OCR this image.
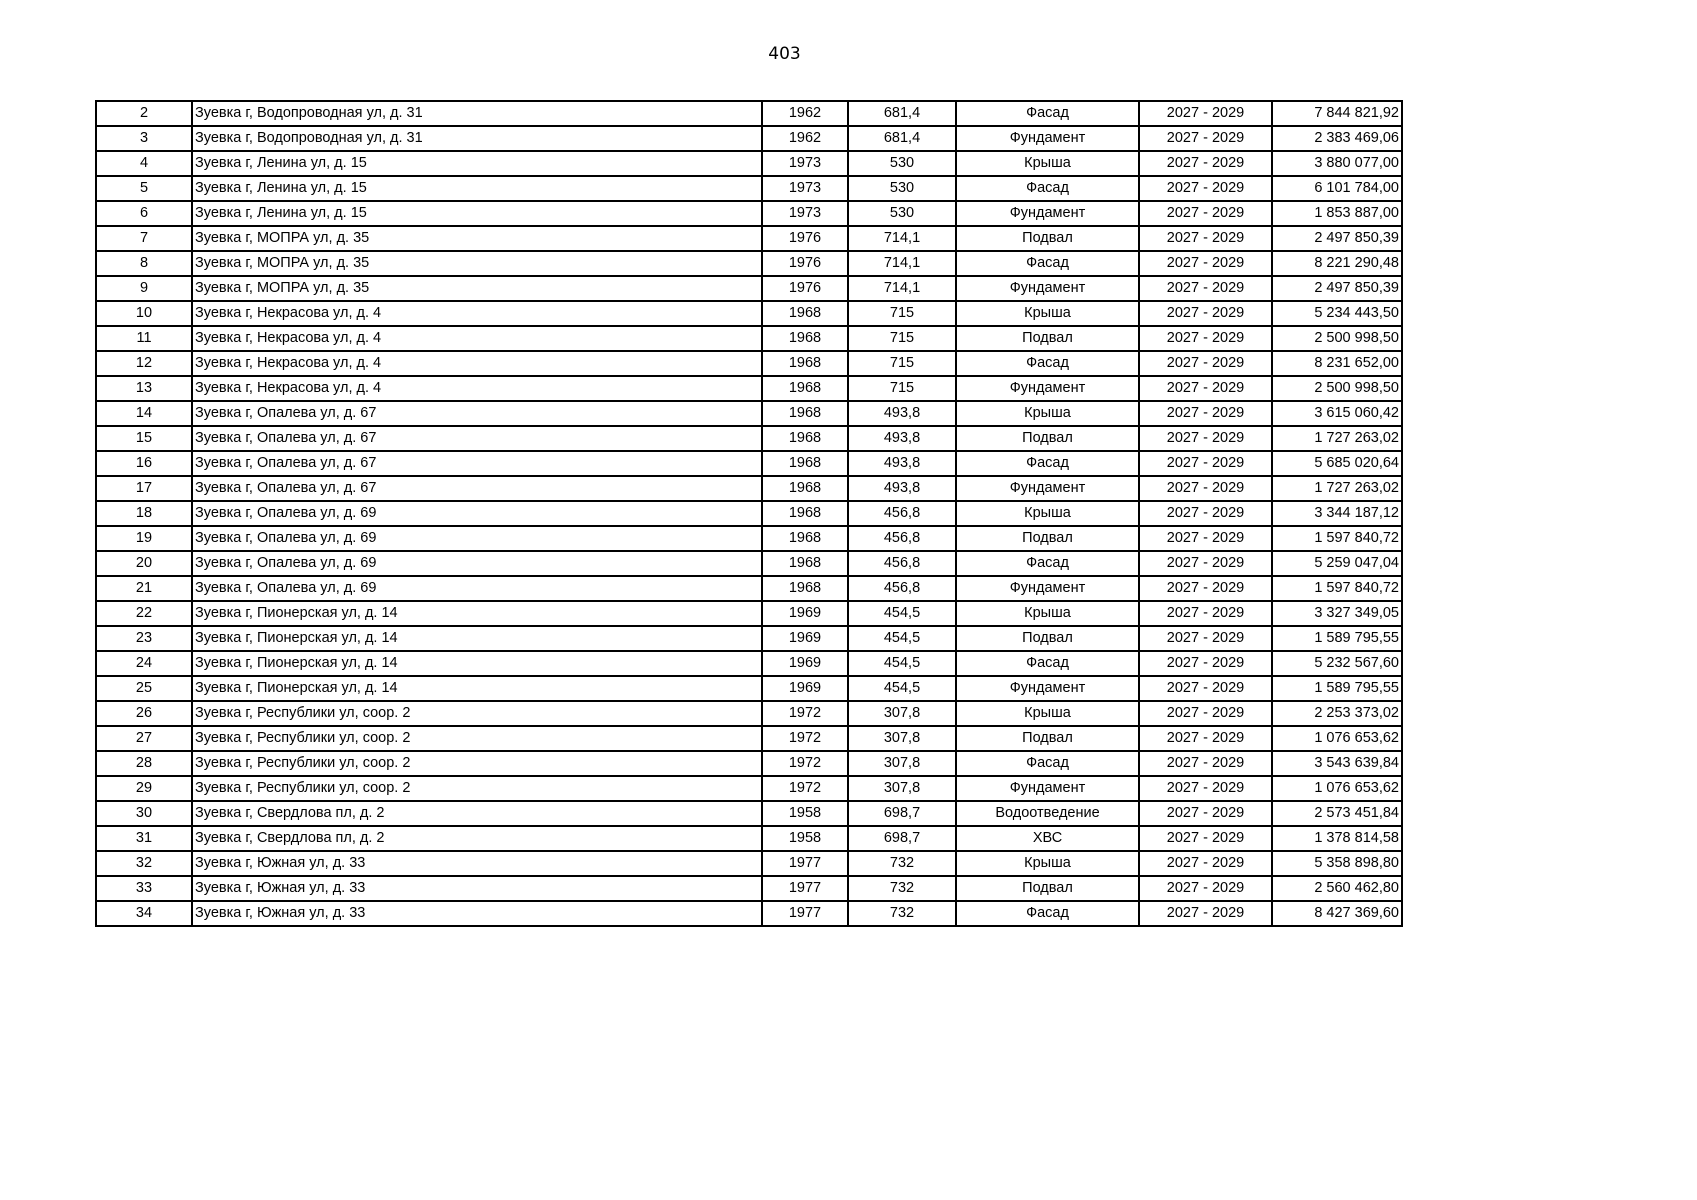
403
2	Зуевка г, Водопроводная ул, д. 31	1962	681,4	Фасад	2027 - 2029	7 844 821,92
3	Зуевка г, Водопроводная ул, д. 31	1962	681,4	Фундамент	2027 - 2029	2 383 469,06
4	Зуевка г, Ленина ул, д. 15	1973	530	Крыша	2027 - 2029	3 880 077,00
5	Зуевка г, Ленина ул, д. 15	1973	530	Фасад	2027 - 2029	6 101 784,00
6	Зуевка г, Ленина ул, д. 15	1973	530	Фундамент	2027 - 2029	1 853 887,00
7	Зуевка г, МОПРА ул, д. 35	1976	714,1	Подвал	2027 - 2029	2 497 850,39
8	Зуевка г, МОПРА ул, д. 35	1976	714,1	Фасад	2027 - 2029	8 221 290,48
9	Зуевка г, МОПРА ул, д. 35	1976	714,1	Фундамент	2027 - 2029	2 497 850,39
10	Зуевка г, Некрасова ул, д. 4	1968	715	Крыша	2027 - 2029	5 234 443,50
11	Зуевка г, Некрасова ул, д. 4	1968	715	Подвал	2027 - 2029	2 500 998,50
12	Зуевка г, Некрасова ул, д. 4	1968	715	Фасад	2027 - 2029	8 231 652,00
13	Зуевка г, Некрасова ул, д. 4	1968	715	Фундамент	2027 - 2029	2 500 998,50
14	Зуевка г, Опалева ул, д. 67	1968	493,8	Крыша	2027 - 2029	3 615 060,42
15	Зуевка г, Опалева ул, д. 67	1968	493,8	Подвал	2027 - 2029	1 727 263,02
16	Зуевка г, Опалева ул, д. 67	1968	493,8	Фасад	2027 - 2029	5 685 020,64
17	Зуевка г, Опалева ул, д. 67	1968	493,8	Фундамент	2027 - 2029	1 727 263,02
18	Зуевка г, Опалева ул, д. 69	1968	456,8	Крыша	2027 - 2029	3 344 187,12
19	Зуевка г, Опалева ул, д. 69	1968	456,8	Подвал	2027 - 2029	1 597 840,72
20	Зуевка г, Опалева ул, д. 69	1968	456,8	Фасад	2027 - 2029	5 259 047,04
21	Зуевка г, Опалева ул, д. 69	1968	456,8	Фундамент	2027 - 2029	1 597 840,72
22	Зуевка г, Пионерская ул, д. 14	1969	454,5	Крыша	2027 - 2029	3 327 349,05
23	Зуевка г, Пионерская ул, д. 14	1969	454,5	Подвал	2027 - 2029	1 589 795,55
24	Зуевка г, Пионерская ул, д. 14	1969	454,5	Фасад	2027 - 2029	5 232 567,60
25	Зуевка г, Пионерская ул, д. 14	1969	454,5	Фундамент	2027 - 2029	1 589 795,55
26	Зуевка г, Республики ул, соор. 2	1972	307,8	Крыша	2027 - 2029	2 253 373,02
27	Зуевка г, Республики ул, соор. 2	1972	307,8	Подвал	2027 - 2029	1 076 653,62
28	Зуевка г, Республики ул, соор. 2	1972	307,8	Фасад	2027 - 2029	3 543 639,84
29	Зуевка г, Республики ул, соор. 2	1972	307,8	Фундамент	2027 - 2029	1 076 653,62
30	Зуевка г, Свердлова пл, д. 2	1958	698,7	Водоотведение	2027 - 2029	2 573 451,84
31	Зуевка г, Свердлова пл, д. 2	1958	698,7	ХВС	2027 - 2029	1 378 814,58
32	Зуевка г, Южная ул, д. 33	1977	732	Крыша	2027 - 2029	5 358 898,80
33	Зуевка г, Южная ул, д. 33	1977	732	Подвал	2027 - 2029	2 560 462,80
34	Зуевка г, Южная ул, д. 33	1977	732	Фасад	2027 - 2029	8 427 369,60
